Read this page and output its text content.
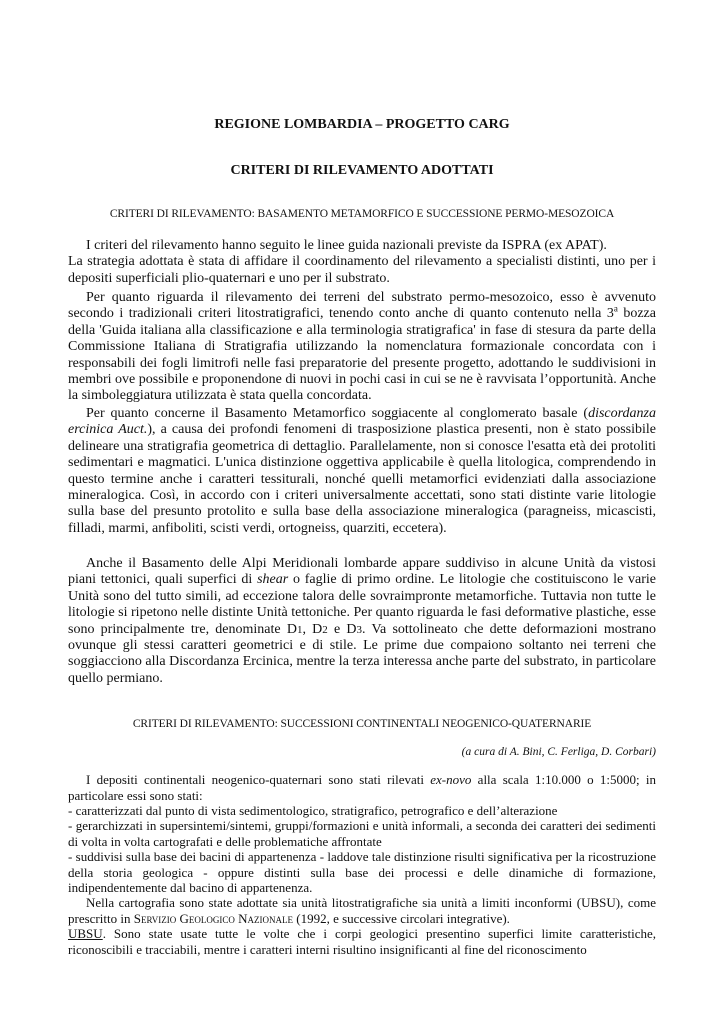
REGIONE LOMBARDIA – PROGETTO CARG
CRITERI DI RILEVAMENTO ADOTTATI
CRITERI DI RILEVAMENTO: BASAMENTO METAMORFICO E SUCCESSIONE PERMO-MESOZOICA
I criteri del rilevamento hanno seguito le linee guida nazionali previste da ISPRA (ex APAT).
La strategia adottata è stata di affidare il coordinamento del rilevamento a specialisti distinti, uno per i depositi superficiali plio-quaternari e uno per il substrato.
Per quanto riguarda il rilevamento dei terreni del substrato permo-mesozoico, esso è avvenuto secondo i tradizionali criteri litostratigrafici, tenendo conto anche di quanto contenuto nella 3$^a$ bozza della 'Guida italiana alla classificazione e alla terminologia stratigrafica' in fase di stesura da parte della Commissione Italiana di Stratigrafia utilizzando la nomenclatura formazionale concordata con i responsabili dei fogli limitrofi nelle fasi preparatorie del presente progetto, adottando le suddivisioni in membri ove possibile e proponendone di nuovi in pochi casi in cui se ne è ravvisata l’opportunità. Anche la simboleggiatura utilizzata è stata quella concordata.
Per quanto concerne il Basamento Metamorfico soggiacente al conglomerato basale (discordanza ercinica Auct.), a causa dei profondi fenomeni di trasposizione plastica presenti, non è stato possibile delineare una stratigrafia geometrica di dettaglio. Parallelamente, non si conosce l'esatta età dei protoliti sedimentari e magmatici. L'unica distinzione oggettiva applicabile è quella litologica, comprendendo in questo termine anche i caratteri tessiturali, nonché quelli metamorfici evidenziati dalla associazione mineralogica. Così, in accordo con i criteri universalmente accettati, sono stati distinte varie litologie sulla base del presunto protolito e sulla base della associazione mineralogica (paragneiss, micascisti, filladi, marmi, anfiboliti, scisti verdi, ortogneiss, quarziti, eccetera).
Anche il Basamento delle Alpi Meridionali lombarde appare suddiviso in alcune Unità da vistosi piani tettonici, quali superfici di shear o faglie di primo ordine. Le litologie che costituiscono le varie Unità sono del tutto simili, ad eccezione talora delle sovraimpronte metamorfiche. Tuttavia non tutte le litologie si ripetono nelle distinte Unità tettoniche. Per quanto riguarda le fasi deformative plastiche, esse sono principalmente tre, denominate D1, D2 e D3. Va sottolineato che dette deformazioni mostrano ovunque gli stessi caratteri geometrici e di stile. Le prime due compaiono soltanto nei terreni che soggiacciono alla Discordanza Ercinica, mentre la terza interessa anche parte del substrato, in particolare quello permiano.
CRITERI DI RILEVAMENTO: SUCCESSIONI CONTINENTALI NEOGENICO-QUATERNARIE
(a cura di A. Bini, C. Ferliga, D. Corbari)
I depositi continentali neogenico-quaternari sono stati rilevati ex-novo alla scala 1:10.000 o 1:5000; in particolare essi sono stati:
- caratterizzati dal punto di vista sedimentologico, stratigrafico, petrografico e dell’alterazione
- gerarchizzati in supersintemi/sintemi, gruppi/formazioni e unità informali, a seconda dei caratteri dei sedimenti di volta in volta cartografati e delle problematiche affrontate
- suddivisi sulla base dei bacini di appartenenza - laddove tale distinzione risulti significativa per la ricostruzione della storia geologica - oppure distinti sulla base dei processi e delle dinamiche di formazione, indipendentemente dal bacino di appartenenza.
Nella cartografia sono state adottate sia unità litostratigrafiche sia unità a limiti inconformi (UBSU), come prescritto in Servizio Geologico Nazionale (1992, e successive circolari integrative).
UBSU. Sono state usate tutte le volte che i corpi geologici presentino superfici limite caratteristiche, riconoscibili e tracciabili, mentre i caratteri interni risultino insignificanti al fine del riconoscimento
